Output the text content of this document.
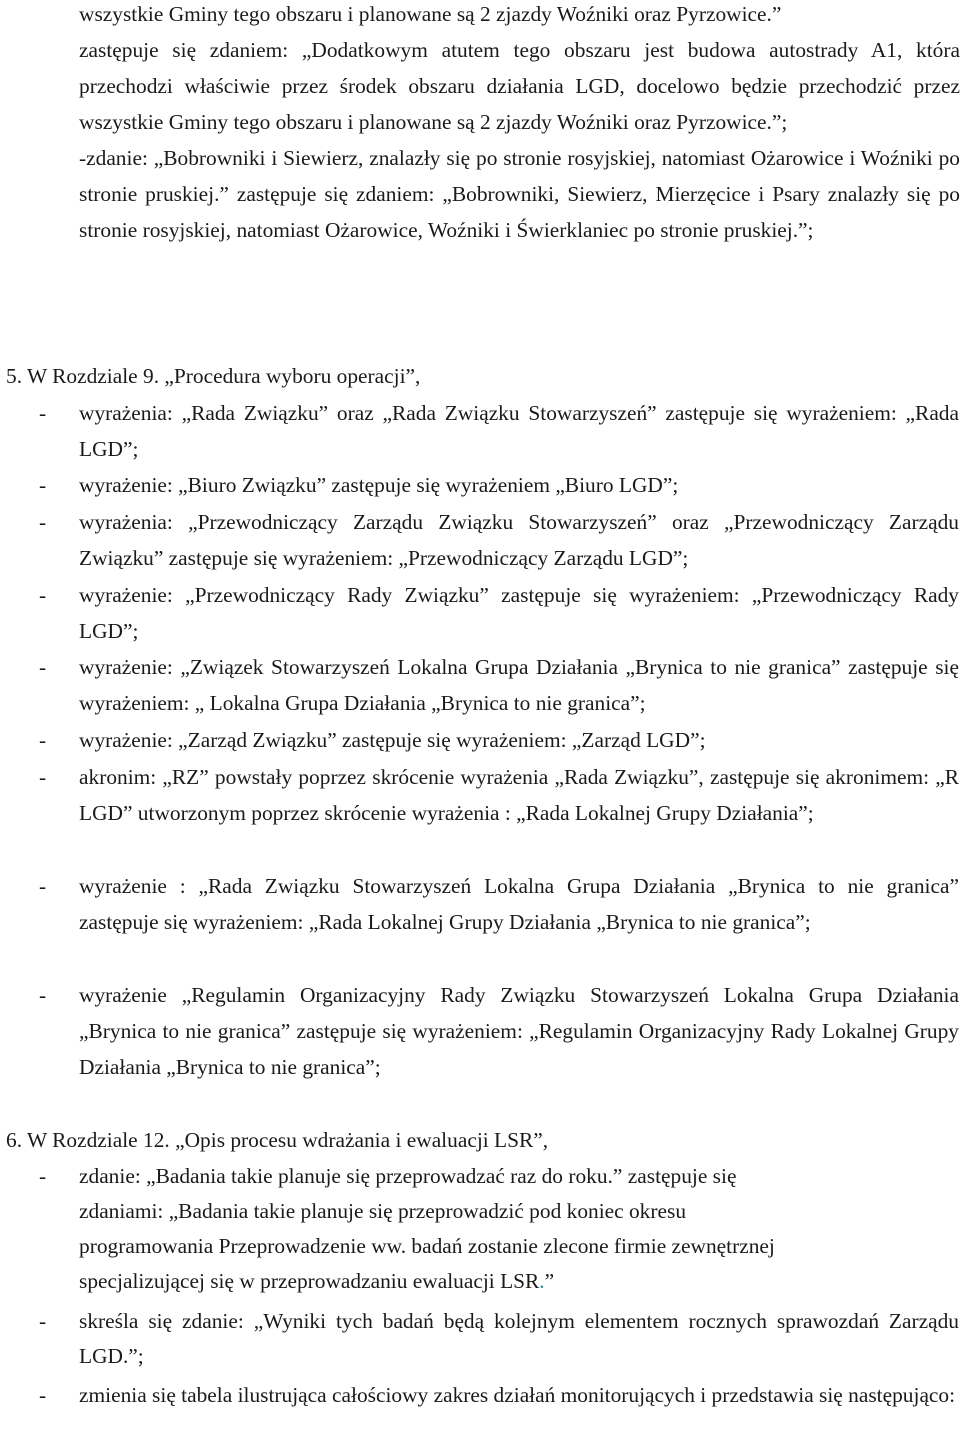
wszystkie Gminy tego obszaru i planowane są 2 zjazdy Woźniki oraz Pyrzowice.”
zastępuje się zdaniem: „Dodatkowym atutem tego obszaru jest budowa autostrady A1, która przechodzi właściwie przez środek obszaru działania LGD, docelowo będzie przechodzić przez wszystkie Gminy tego obszaru i planowane są 2 zjazdy Woźniki oraz Pyrzowice.”;
-zdanie: „Bobrowniki i Siewierz, znalazły się po stronie rosyjskiej, natomiast Ożarowice i Woźniki po stronie pruskiej.” zastępuje się zdaniem: „Bobrowniki, Siewierz, Mierzęcice i Psary znalazły się po stronie rosyjskiej, natomiast Ożarowice, Woźniki i Świerklaniec po stronie pruskiej.”;
5. W Rozdziale 9. „Procedura wyboru operacji”,
- wyrażenia: „Rada Związku” oraz „Rada Związku Stowarzyszeń” zastępuje się wyrażeniem: „Rada LGD”;
- wyrażenie: „Biuro Związku” zastępuje się wyrażeniem „Biuro LGD”;
- wyrażenia: „Przewodniczący Zarządu Związku Stowarzyszeń” oraz „Przewodniczący Zarządu Związku” zastępuje się wyrażeniem: „Przewodniczący Zarządu LGD”;
- wyrażenie: „Przewodniczący Rady Związku” zastępuje się wyrażeniem: „Przewodniczący Rady LGD”;
- wyrażenie: „Związek Stowarzyszeń Lokalna Grupa Działania „Brynica to nie granica” zastępuje się wyrażeniem: „ Lokalna Grupa Działania „Brynica to nie granica”;
- wyrażenie: „Zarząd Związku” zastępuje się wyrażeniem: „Zarząd LGD”;
- akronim: „RZ” powstały poprzez skrócenie wyrażenia „Rada Związku”, zastępuje się akronimem: „R LGD” utworzonym poprzez skrócenie wyrażenia : „Rada Lokalnej Grupy Działania”;
- wyrażenie : „Rada Związku Stowarzyszeń Lokalna Grupa Działania „Brynica to nie granica” zastępuje się wyrażeniem: „Rada Lokalnej Grupy Działania „Brynica to nie granica”;
- wyrażenie „Regulamin Organizacyjny Rady Związku Stowarzyszeń Lokalna Grupa Działania „Brynica to nie granica” zastępuje się wyrażeniem: „Regulamin Organizacyjny Rady Lokalnej Grupy Działania „Brynica to nie granica”;
6. W Rozdziale 12. „Opis procesu wdrażania i ewaluacji LSR”,
- zdanie: „Badania takie planuje się przeprowadzać raz do roku.” zastępuje się
zdaniami: „Badania takie planuje się przeprowadzić pod koniec okresu
programowania Przeprowadzenie ww. badań zostanie zlecone firmie zewnętrznej
specjalizującej się w przeprowadzaniu ewaluacji LSR.”
- skreśla się zdanie: „Wyniki tych badań będą kolejnym elementem rocznych sprawozdań Zarządu LGD.”;
- zmienia się tabela ilustrująca całościowy zakres działań monitorujących i przedstawia się następująco:
